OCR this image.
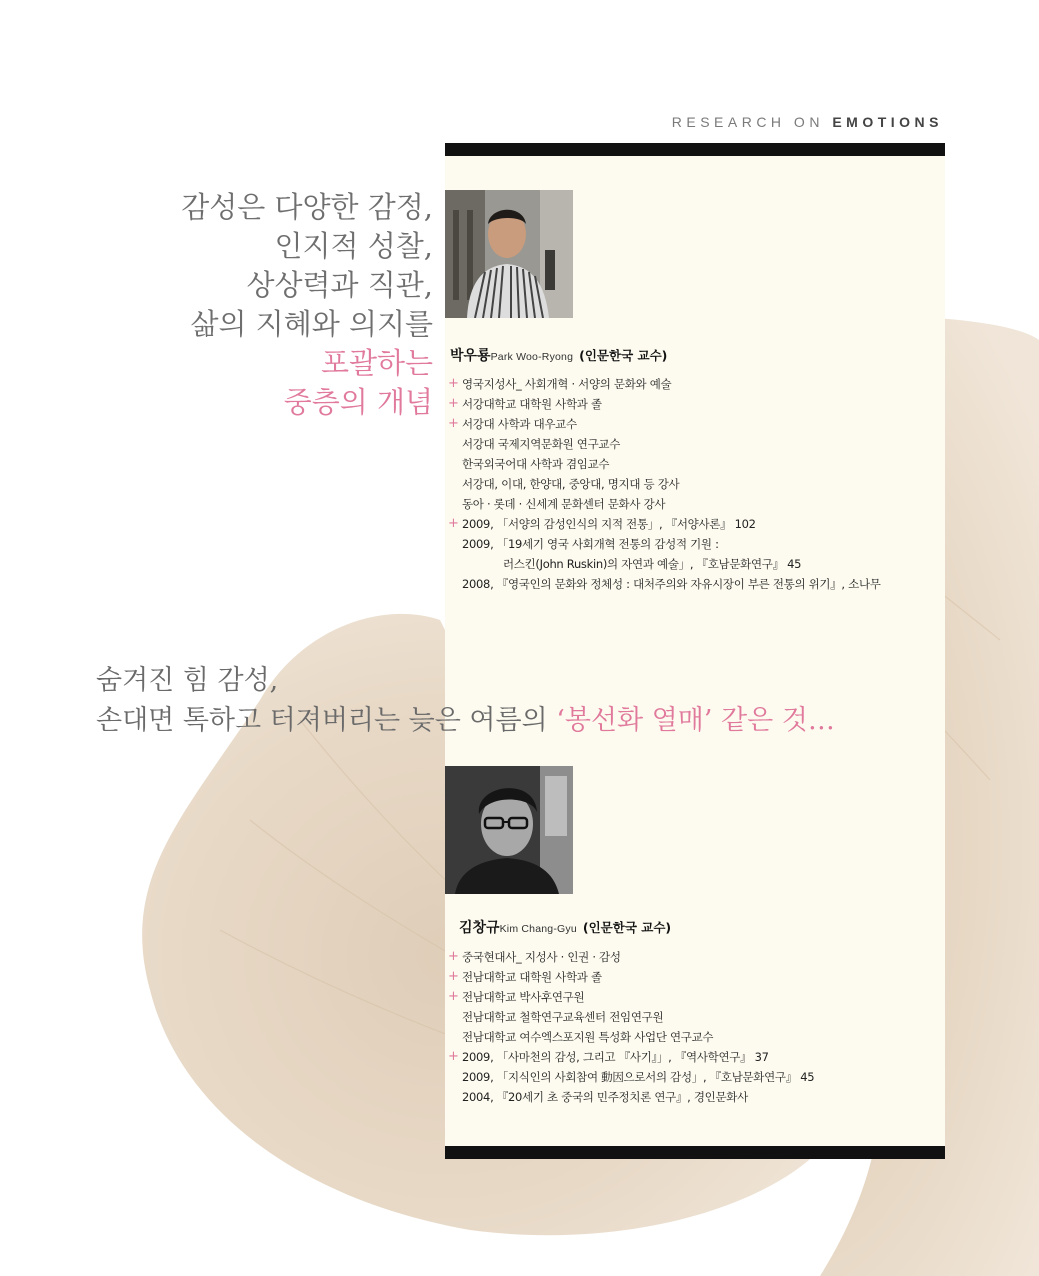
RESEARCH ON EMOTIONS
감성은 다양한 감정,
인지적 성찰,
상상력과 직관,
삶의 지혜와 의지를
포괄하는
중층의 개념
숨겨진 힘 감성,
손대면 톡하고 터져버리는 늦은 여름의 ‘봉선화 열매’ 같은 것…
박우룡Park Woo-Ryong (인문한국 교수)
+ 영국지성사_ 사회개혁 · 서양의 문화와 예술
+ 서강대학교 대학원 사학과 졸
+ 서강대 사학과 대우교수
서강대 국제지역문화원 연구교수
한국외국어대 사학과 겸임교수
서강대, 이대, 한양대, 중앙대, 명지대 등 강사
동아 · 롯데 · 신세계 문화센터 문화사 강사
+ 2009, 「서양의 감성인식의 지적 전통」, 『서양사론』 102
2009, 「19세기 영국 사회개혁 전통의 감성적 기원 :
러스킨(John Ruskin)의 자연과 예술」, 『호남문화연구』 45
2008, 『영국인의 문화와 정체성 : 대처주의와 자유시장이 부른 전통의 위기』, 소나무
김창규Kim Chang-Gyu (인문한국 교수)
+ 중국현대사_ 지성사 · 인권 · 감성
+ 전남대학교 대학원 사학과 졸
+ 전남대학교 박사후연구원
전남대학교 철학연구교육센터 전임연구원
전남대학교 여수엑스포지원 특성화 사업단 연구교수
+ 2009, 「사마천의 감성, 그리고 『사기』」, 『역사학연구』 37
2009, 「지식인의 사회참여 動因으로서의 감성」, 『호남문화연구』 45
2004, 『20세기 초 중국의 민주정치론 연구』, 경인문화사
